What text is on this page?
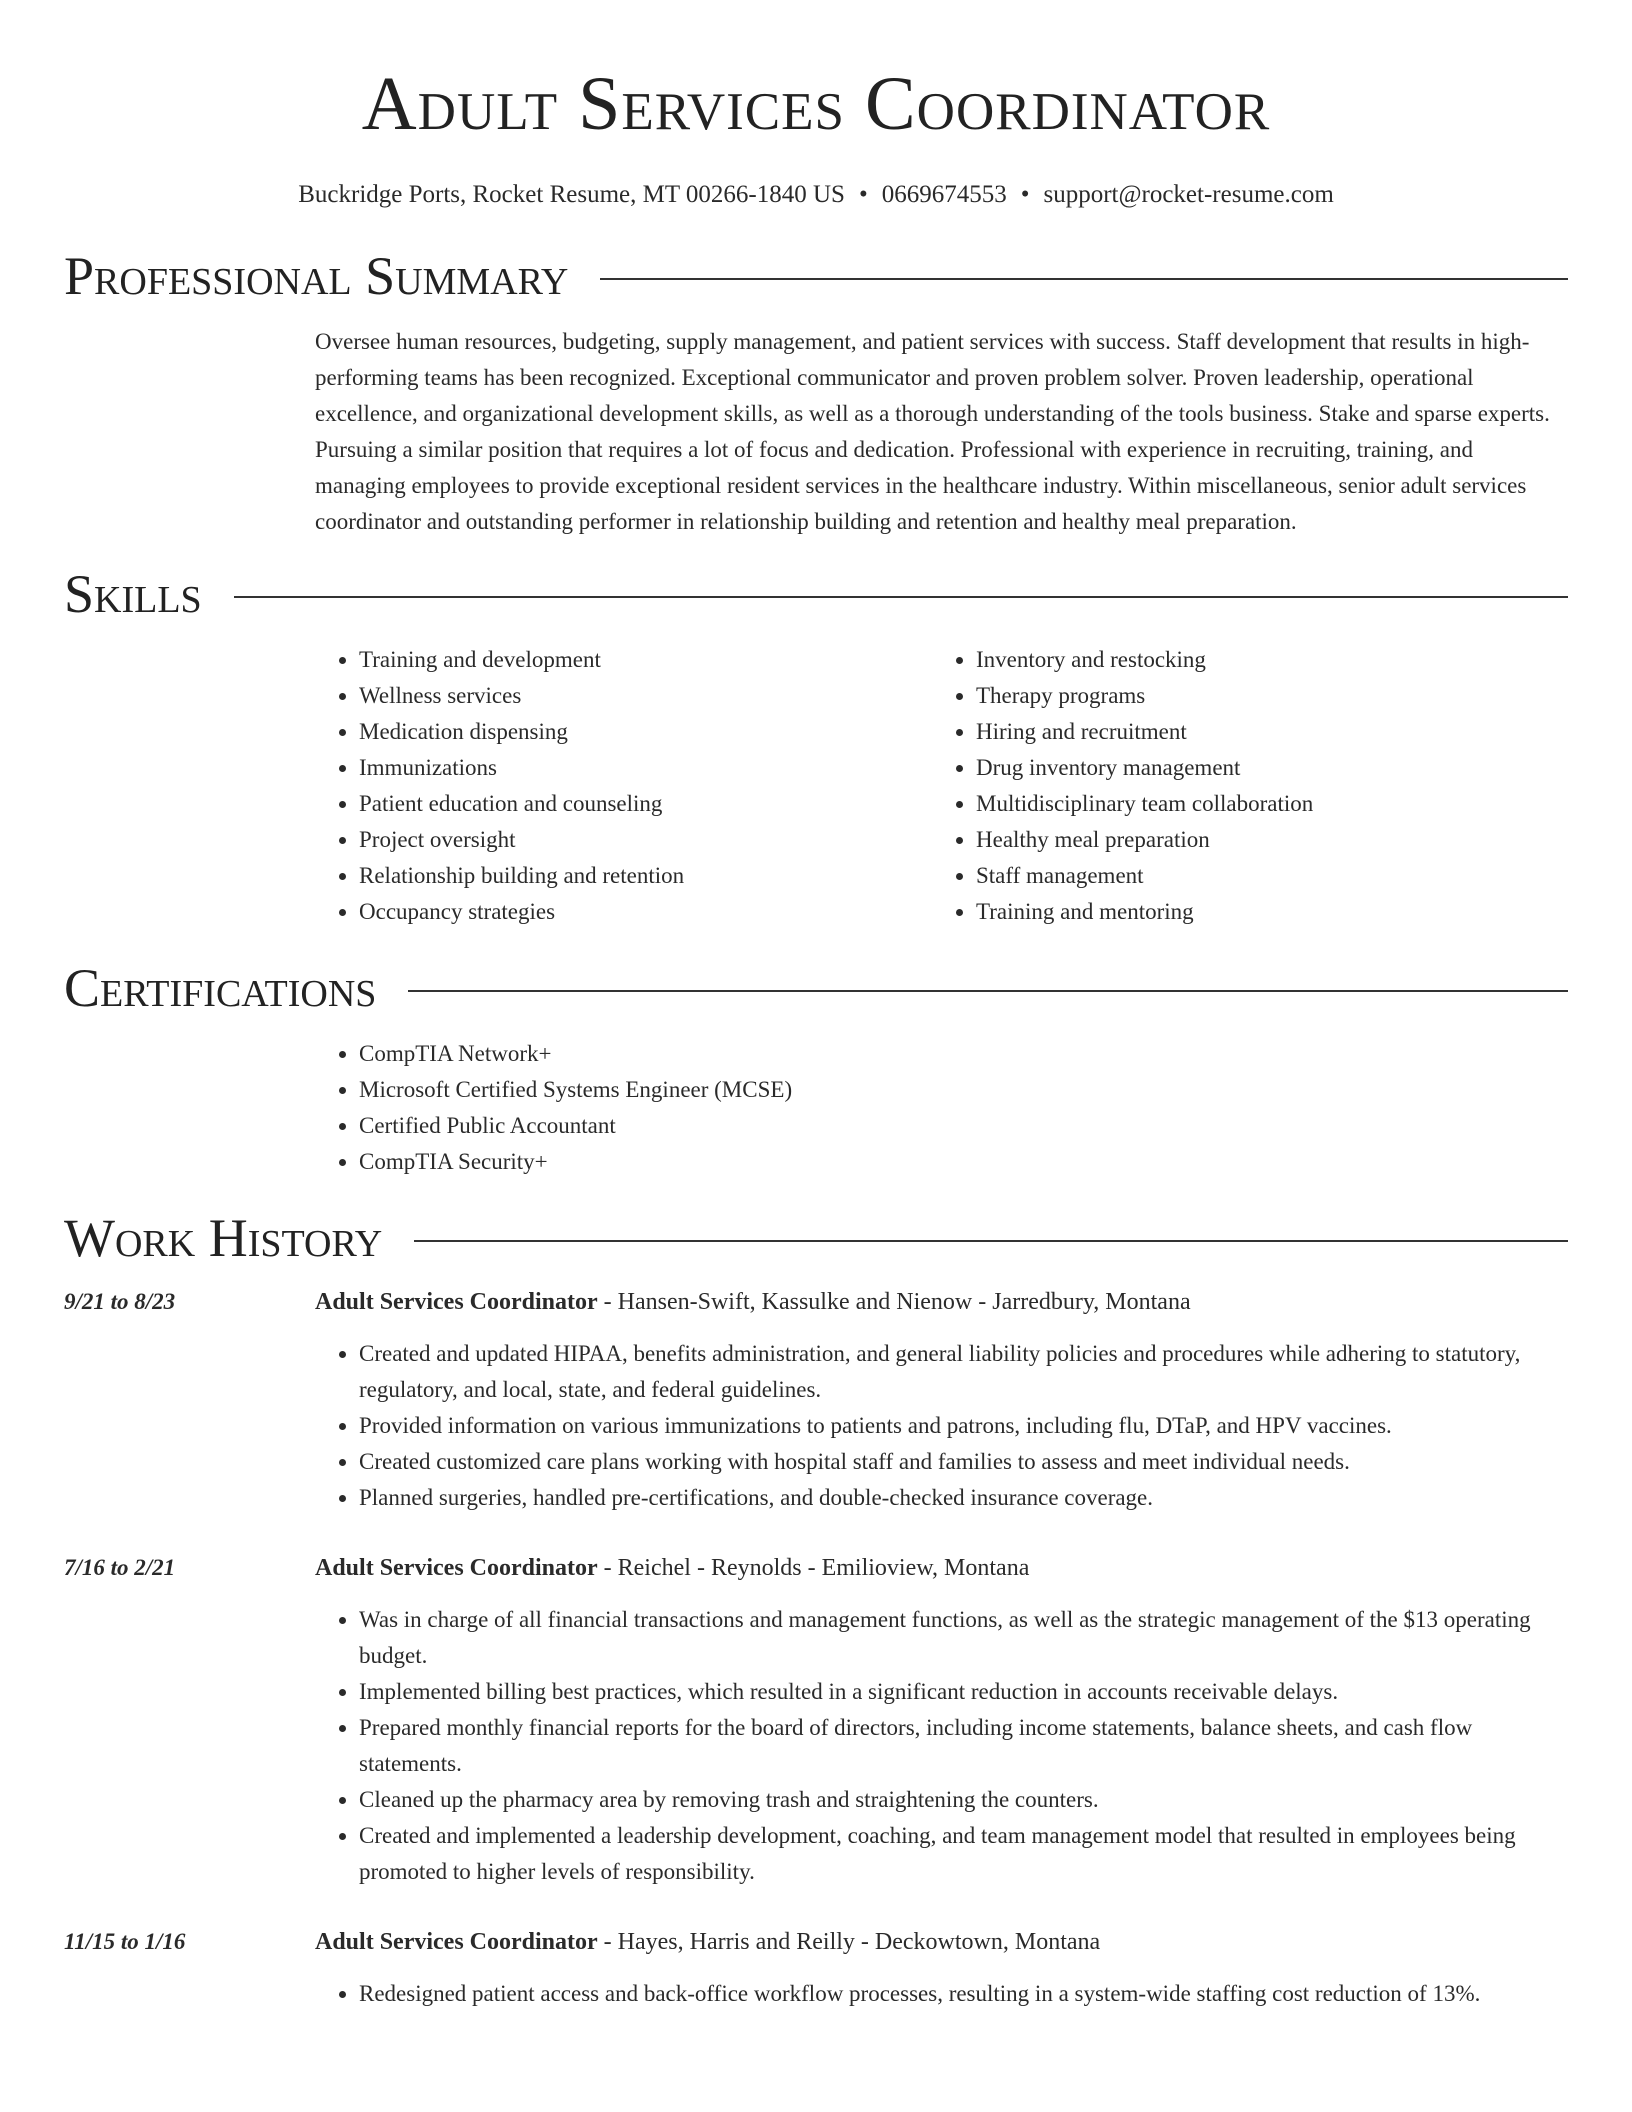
Adult Services Coordinator
Buckridge Ports, Rocket Resume, MT 00266-1840 US • 0669674553 • support@rocket-resume.com
Professional Summary

Oversee human resources, budgeting, supply management, and patient services with success. Staff development that results in high-performing teams has been recognized. Exceptional communicator and proven problem solver. Proven leadership, operational excellence, and organizational development skills, as well as a thorough understanding of the tools business. Stake and sparse experts. Pursuing a similar position that requires a lot of focus and dedication. Professional with experience in recruiting, training, and managing employees to provide exceptional resident services in the healthcare industry. Within miscellaneous, senior adult services coordinator and outstanding performer in relationship building and retention and healthy meal preparation.

Skills
• Training and development
• Wellness services
• Medication dispensing
• Immunizations
• Patient education and counseling
• Project oversight
• Relationship building and retention
• Occupancy strategies
• Inventory and restocking
• Therapy programs
• Hiring and recruitment
• Drug inventory management
• Multidisciplinary team collaboration
• Healthy meal preparation
• Staff management
• Training and mentoring
Certifications
• CompTIA Network+
• Microsoft Certified Systems Engineer (MCSE)
• Certified Public Accountant
• CompTIA Security+
Work History
9/21 to 8/23	Adult Services Coordinator - Hansen-Swift, Kassulke and Nienow - Jarredbury, Montana
• Created and updated HIPAA, benefits administration, and general liability policies and procedures while adhering to statutory, regulatory, and local, state, and federal guidelines.
• Provided information on various immunizations to patients and patrons, including flu, DTaP, and HPV vaccines.
• Created customized care plans working with hospital staff and families to assess and meet individual needs.
• Planned surgeries, handled pre-certifications, and double-checked insurance coverage.
7/16 to 2/21	Adult Services Coordinator - Reichel - Reynolds - Emilioview, Montana
• Was in charge of all financial transactions and management functions, as well as the strategic management of the $13 operating budget.
• Implemented billing best practices, which resulted in a significant reduction in accounts receivable delays.
• Prepared monthly financial reports for the board of directors, including income statements, balance sheets, and cash flow statements.
• Cleaned up the pharmacy area by removing trash and straightening the counters.
• Created and implemented a leadership development, coaching, and team management model that resulted in employees being promoted to higher levels of responsibility.
11/15 to 1/16	Adult Services Coordinator - Hayes, Harris and Reilly - Deckowtown, Montana
• Redesigned patient access and back-office workflow processes, resulting in a system-wide staffing cost reduction of 13%.
